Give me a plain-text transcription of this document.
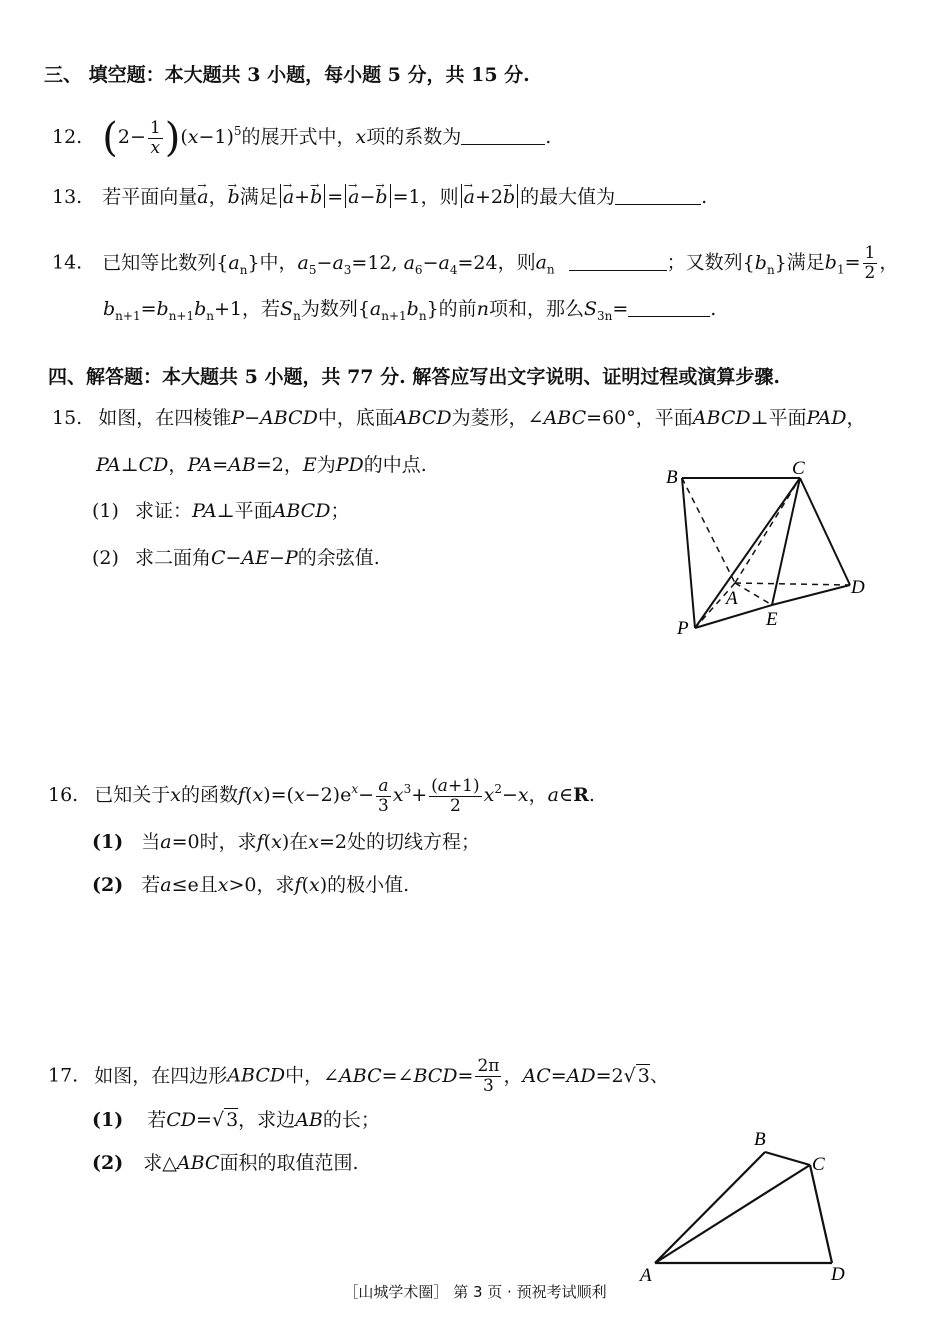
三、 填空题：本大题共 3 小题，每小题 5 分，共 15 分.
12. $(2- \frac{1}{x} )(x-1)^5$的展开式中，x项的系数为	.
13. 若平面向量→ a，→ b满足 → a+→ b = → a−→ b =1，则 → a+2→ b 的最大值为	.
14. 已知等比数列$\{a_n\}$中，$a_5-a_3=12$, $a_6-a_4=24$，则$a_n$	；又数列$\{b_n\}$满足$b_1= \frac{1}{2}$ ，
$b_{n+1}=b_{n+1}b_n+1$，若$S_n$为数列$\{a_{n+1}b_n\}$的前n项和，那么$S_{3n}=$	.
四、解答题：本大题共 5 小题，共 77 分. 解答应写出文字说明、证明过程或演算步骤.
15. 如图，在四棱锥P−ABCD中，底面ABCD为菱形，∠ABC=60°，平面ABCD⊥平面PAD，
PA⊥CD，PA=AB=2，E为PD的中点.
(1) 求证：PA⊥平面ABCD；
(2) 求二面角C−AE−P的余弦值.
B	C
A
D
P	E
16. 已知关于x的函数$f(x)=(x-2)e^x- \frac{a}{3} x^3+ \frac{(a+1)}{2} x^2-x$，a∈R.
(1) 当a=0时，求f(x)在x=2处的切线方程；
(2) 若a≤e且x>0，求f(x)的极小值.
17. 如图，在四边形ABCD中，∠ABC=∠BCD= $\frac{2\pi}{3}$ ，AC=AD=2√ 3、
(1) 若CD=√ 3，求边AB的长；
(2) 求△ABC面积的取值范围.
B
C
A	D
［山城学术圈］ 第 3 页 · 预祝考试顺利
